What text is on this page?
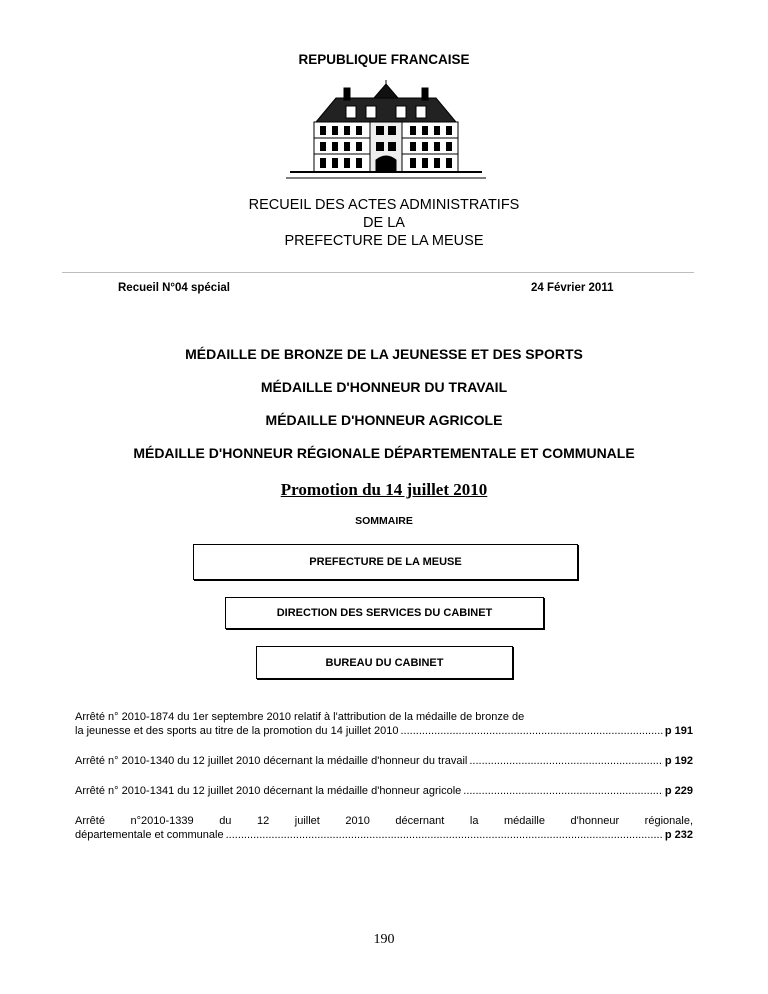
REPUBLIQUE FRANCAISE
RECUEIL DES ACTES ADMINISTRATIFS
DE LA
PREFECTURE DE LA MEUSE
Recueil N°04 spécial	24 Février 2011
MÉDAILLE DE BRONZE DE LA JEUNESSE ET DES SPORTS
MÉDAILLE D'HONNEUR DU TRAVAIL
MÉDAILLE D'HONNEUR AGRICOLE
MÉDAILLE D'HONNEUR RÉGIONALE DÉPARTEMENTALE ET COMMUNALE
Promotion du 14 juillet 2010
SOMMAIRE
PREFECTURE DE LA MEUSE
DIRECTION DES SERVICES DU CABINET
BUREAU DU CABINET
Arrêté n° 2010-1874 du 1er septembre 2010 relatif à l'attribution de la médaille de bronze de
la jeunesse et des sports au titre de la promotion du 14 juillet 2010 .....	p 191
Arrêté n° 2010-1340 du 12 juillet 2010 décernant la médaille d'honneur du travail .....	p 192
Arrêté n° 2010-1341 du 12 juillet 2010 décernant la médaille d'honneur agricole .....	p 229
Arrêté n°2010-1339 du 12 juillet 2010 décernant la médaille d'honneur régionale,
départementale et communale .....	p 232
190
